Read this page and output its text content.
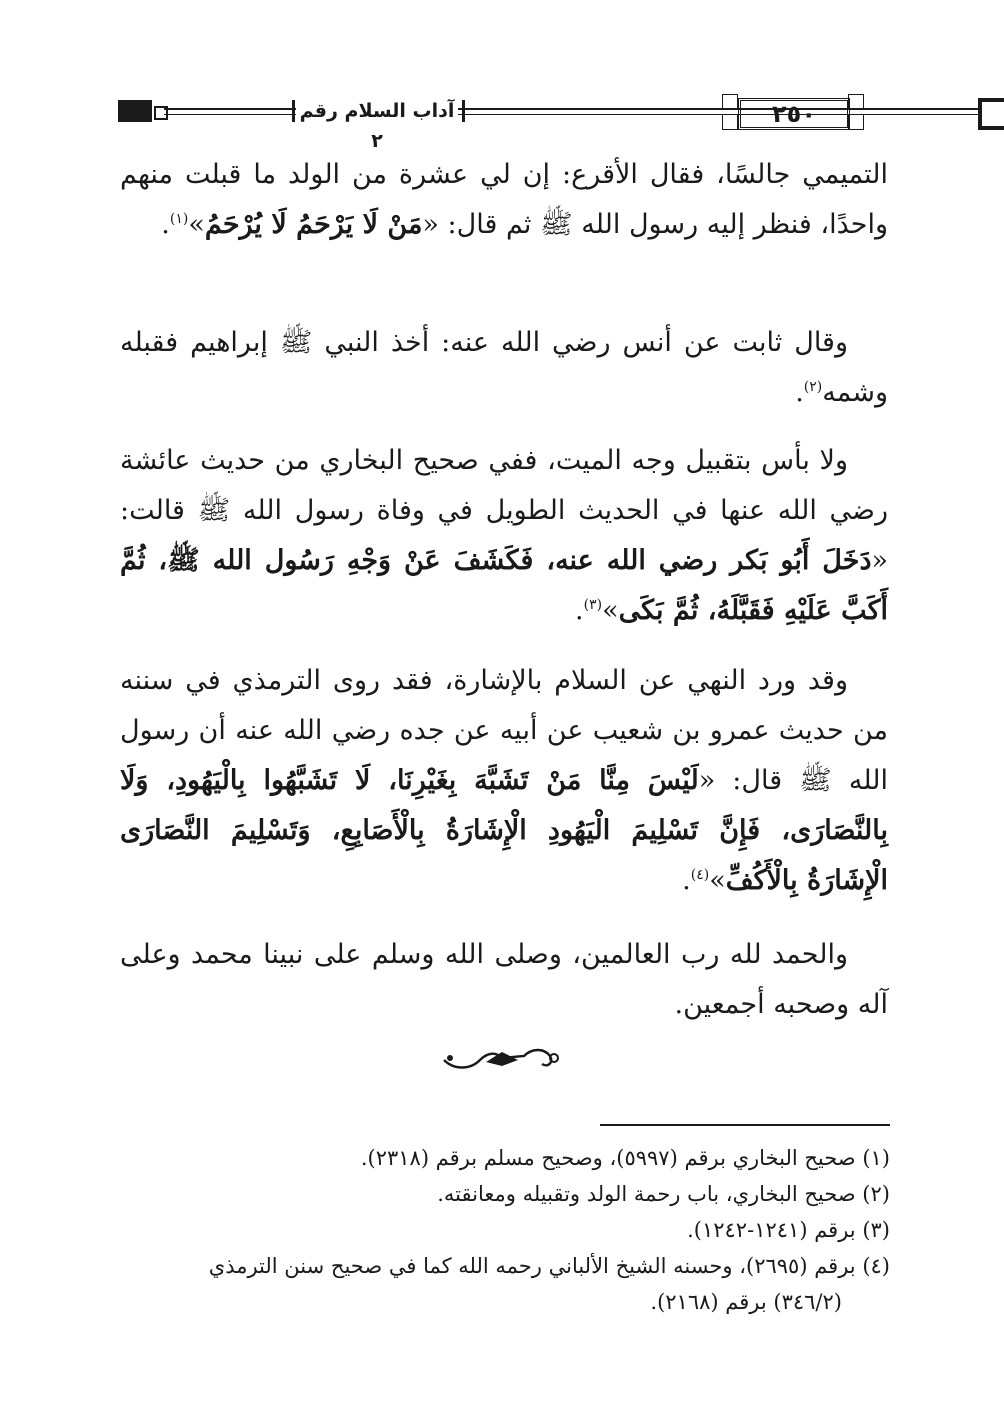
آداب السلام رقم ٢
٢٥٠

التميمي جالسًا، فقال الأقرع: إن لي عشرة من الولد ما قبلت منهم واحدًا، فنظر إليه رسول الله ﷺ ثم قال: «مَنْ لَا يَرْحَمُ لَا يُرْحَمُ»$^{(١)}$.

وقال ثابت عن أنس رضي الله عنه: أخذ النبي ﷺ إبراهيم فقبله وشمه$^{(٢)}$.

ولا بأس بتقبيل وجه الميت، ففي صحيح البخاري من حديث عائشة رضي الله عنها في الحديث الطويل في وفاة رسول الله ﷺ قالت: «دَخَلَ أَبُو بَكر رضي الله عنه، فَكَشَفَ عَنْ وَجْهِ رَسُول الله ﷺ، ثُمَّ أَكَبَّ عَلَيْهِ فَقَبَّلَهُ، ثُمَّ بَكَى»$^{(٣)}$.

وقد ورد النهي عن السلام بالإشارة، فقد روى الترمذي في سننه من حديث عمرو بن شعيب عن أبيه عن جده رضي الله عنه أن رسول الله ﷺ قال: «لَيْسَ مِنَّا مَنْ تَشَبَّهَ بِغَيْرِنَا، لَا تَشَبَّهُوا بِالْيَهُودِ، وَلَا بِالنَّصَارَى، فَإِنَّ تَسْلِيمَ الْيَهُودِ الْإِشَارَةُ بِالْأَصَابِعِ، وَتَسْلِيمَ النَّصَارَى الْإِشَارَةُ بِالْأَكُفِّ»$^{(٤)}$.

والحمد لله رب العالمين، وصلى الله وسلم على نبينا محمد وعلى آله وصحبه أجمعين.

(١) صحيح البخاري برقم (٥٩٩٧)، وصحيح مسلم برقم (٢٣١٨).
(٢) صحيح البخاري، باب رحمة الولد وتقبيله ومعانقته.
(٣) برقم (١٢٤١-١٢٤٢).
(٤) برقم (٢٦٩٥)، وحسنه الشيخ الألباني رحمه الله كما في صحيح سنن الترمذي
(٣٤٦/٢) برقم (٢١٦٨).
